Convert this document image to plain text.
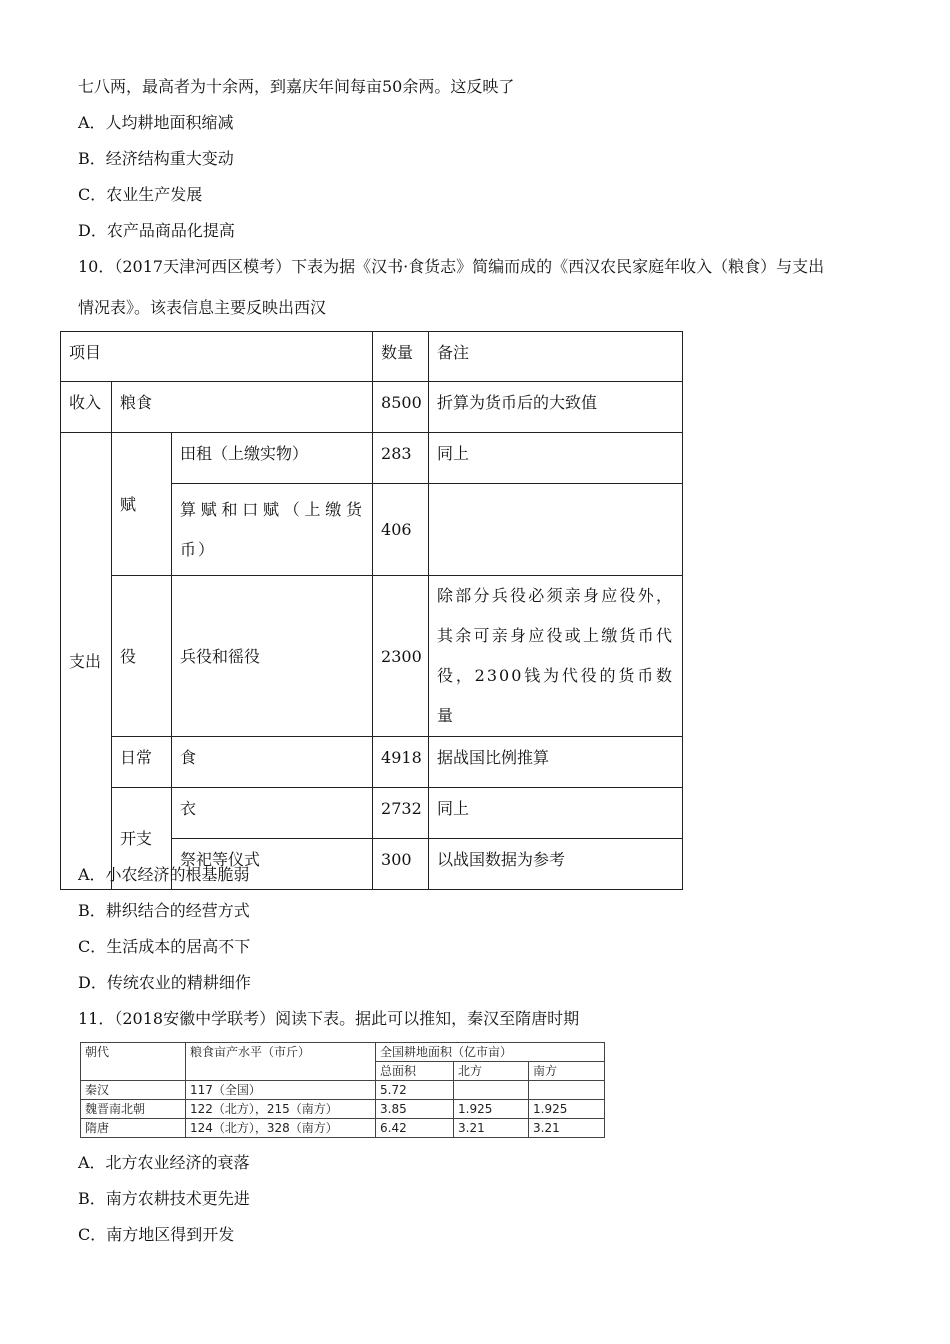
七八两，最高者为十余两，到嘉庆年间每亩50余两。这反映了
A．人均耕地面积缩减
B．经济结构重大变动
C．农业生产发展
D．农产品商品化提高
10．（2017天津河西区模考）下表为据《汉书·食货志》简编而成的《西汉农民家庭年收入（粮食）与支出
情况表》。该表信息主要反映出西汉
项目			数量	备注
收入	粮食		8500	折算为货币后的大致值
支出	赋	田租（上缴实物）	283	同上
		算赋和口赋（上缴货币）	406	
	役	兵役和徭役	2300	除部分兵役必须亲身应役外，其余可亲身应役或上缴货币代役，2300钱为代役的货币数量
	日常	食	4918	据战国比例推算
	开支	衣	2732	同上
		祭祀等仪式	300	以战国数据为参考
A．小农经济的根基脆弱
B．耕织结合的经营方式
C．生活成本的居高不下
D．传统农业的精耕细作
11．（2018安徽中学联考）阅读下表。据此可以推知，秦汉至隋唐时期
朝代	粮食亩产水平（市斤）	全国耕地面积（亿市亩）		
		总面积	北方	南方
秦汉	117（全国）	5.72		
魏晋南北朝	122（北方），215（南方）	3.85	1.925	1.925
隋唐	124（北方），328（南方）	6.42	3.21	3.21
A．北方农业经济的衰落
B．南方农耕技术更先进
C．南方地区得到开发
